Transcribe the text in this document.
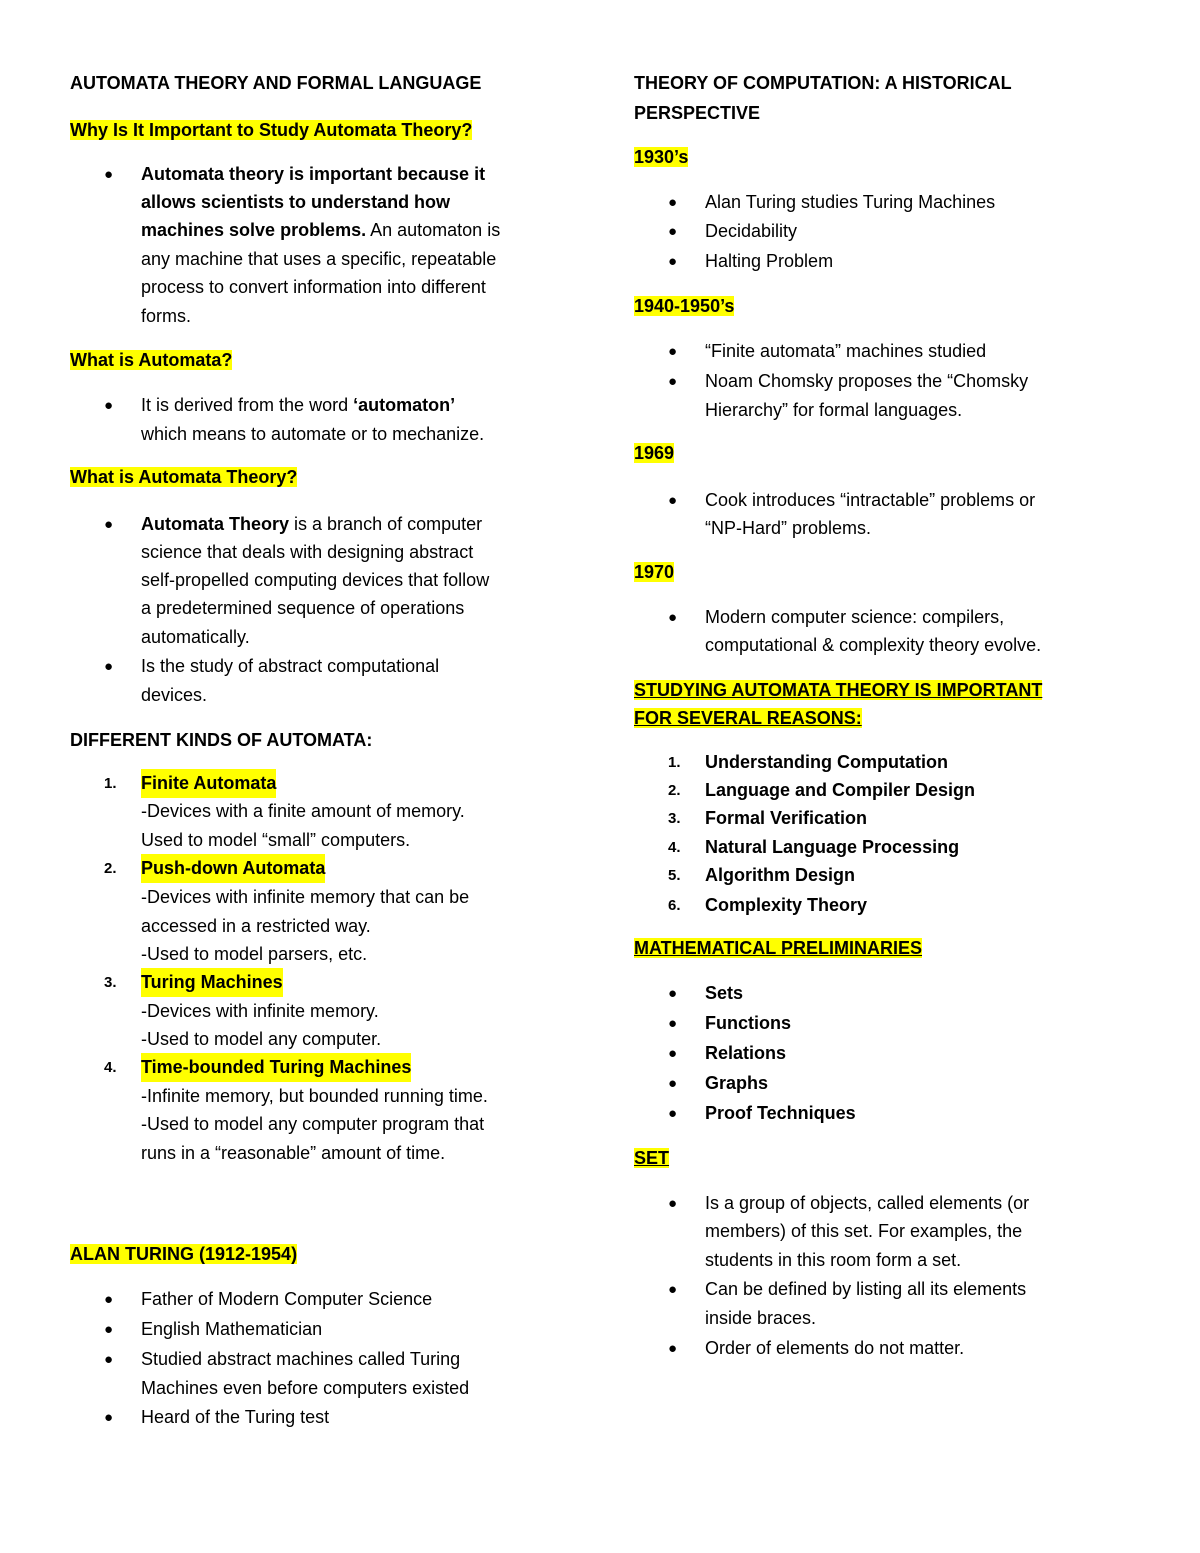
AUTOMATA THEORY AND FORMAL LANGUAGE
Why Is It Important to Study Automata Theory?
●	Automata theory is important because it
allows scientists to understand how
machines solve problems. An automaton is
any machine that uses a specific, repeatable
process to convert information into different
forms.
What is Automata?
●	It is derived from the word ‘automaton’
which means to automate or to mechanize.
What is Automata Theory?
●	Automata Theory is a branch of computer
science that deals with designing abstract
self-propelled computing devices that follow
a predetermined sequence of operations
automatically.
●	Is the study of abstract computational
devices.
DIFFERENT KINDS OF AUTOMATA:
1.	Finite Automata
-Devices with a finite amount of memory.
Used to model “small” computers.
2.	Push-down Automata
-Devices with infinite memory that can be
accessed in a restricted way.
-Used to model parsers, etc.
3.	Turing Machines
-Devices with infinite memory.
-Used to model any computer.
4.	Time-bounded Turing Machines
-Infinite memory, but bounded running time.
-Used to model any computer program that
runs in a “reasonable” amount of time.
ALAN TURING (1912-1954)
●	Father of Modern Computer Science
●	English Mathematician
●	Studied abstract machines called Turing
Machines even before computers existed
●	Heard of the Turing test
THEORY OF COMPUTATION: A HISTORICAL
PERSPECTIVE
1930’s
●	Alan Turing studies Turing Machines
●	Decidability
●	Halting Problem
1940-1950’s
●	“Finite automata” machines studied
●	Noam Chomsky proposes the “Chomsky
Hierarchy” for formal languages.
1969
●	Cook introduces “intractable” problems or
“NP-Hard” problems.
1970
●	Modern computer science: compilers,
computational & complexity theory evolve.
STUDYING AUTOMATA THEORY IS IMPORTANT
FOR SEVERAL REASONS:
1.	Understanding Computation
2.	Language and Compiler Design
3.	Formal Verification
4.	Natural Language Processing
5.	Algorithm Design
6.	Complexity Theory
MATHEMATICAL PRELIMINARIES
●	Sets
●	Functions
●	Relations
●	Graphs
●	Proof Techniques
SET
●	Is a group of objects, called elements (or
members) of this set. For examples, the
students in this room form a set.
●	Can be defined by listing all its elements
inside braces.
●	Order of elements do not matter.
